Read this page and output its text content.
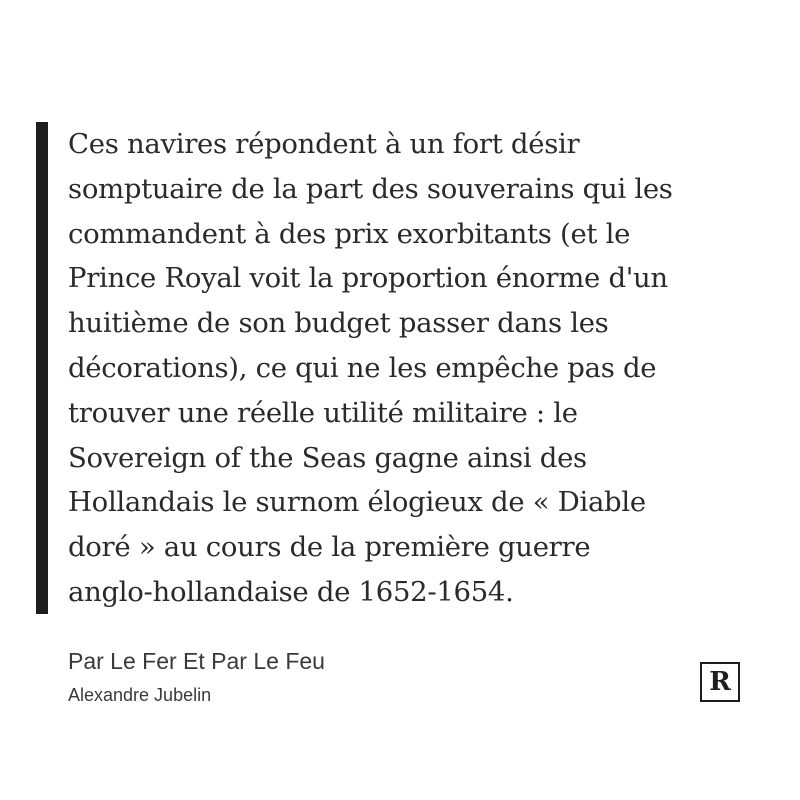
Ces navires répondent à un fort désir
somptuaire de la part des souverains qui les
commandent à des prix exorbitants (et le
Prince Royal voit la proportion énorme d'un
huitième de son budget passer dans les
décorations), ce qui ne les empêche pas de
trouver une réelle utilité militaire : le
Sovereign of the Seas gagne ainsi des
Hollandais le surnom élogieux de « Diable
doré » au cours de la première guerre
anglo-hollandaise de 1652-1654.

Par Le Fer Et Par Le Feu
Alexandre Jubelin	R
